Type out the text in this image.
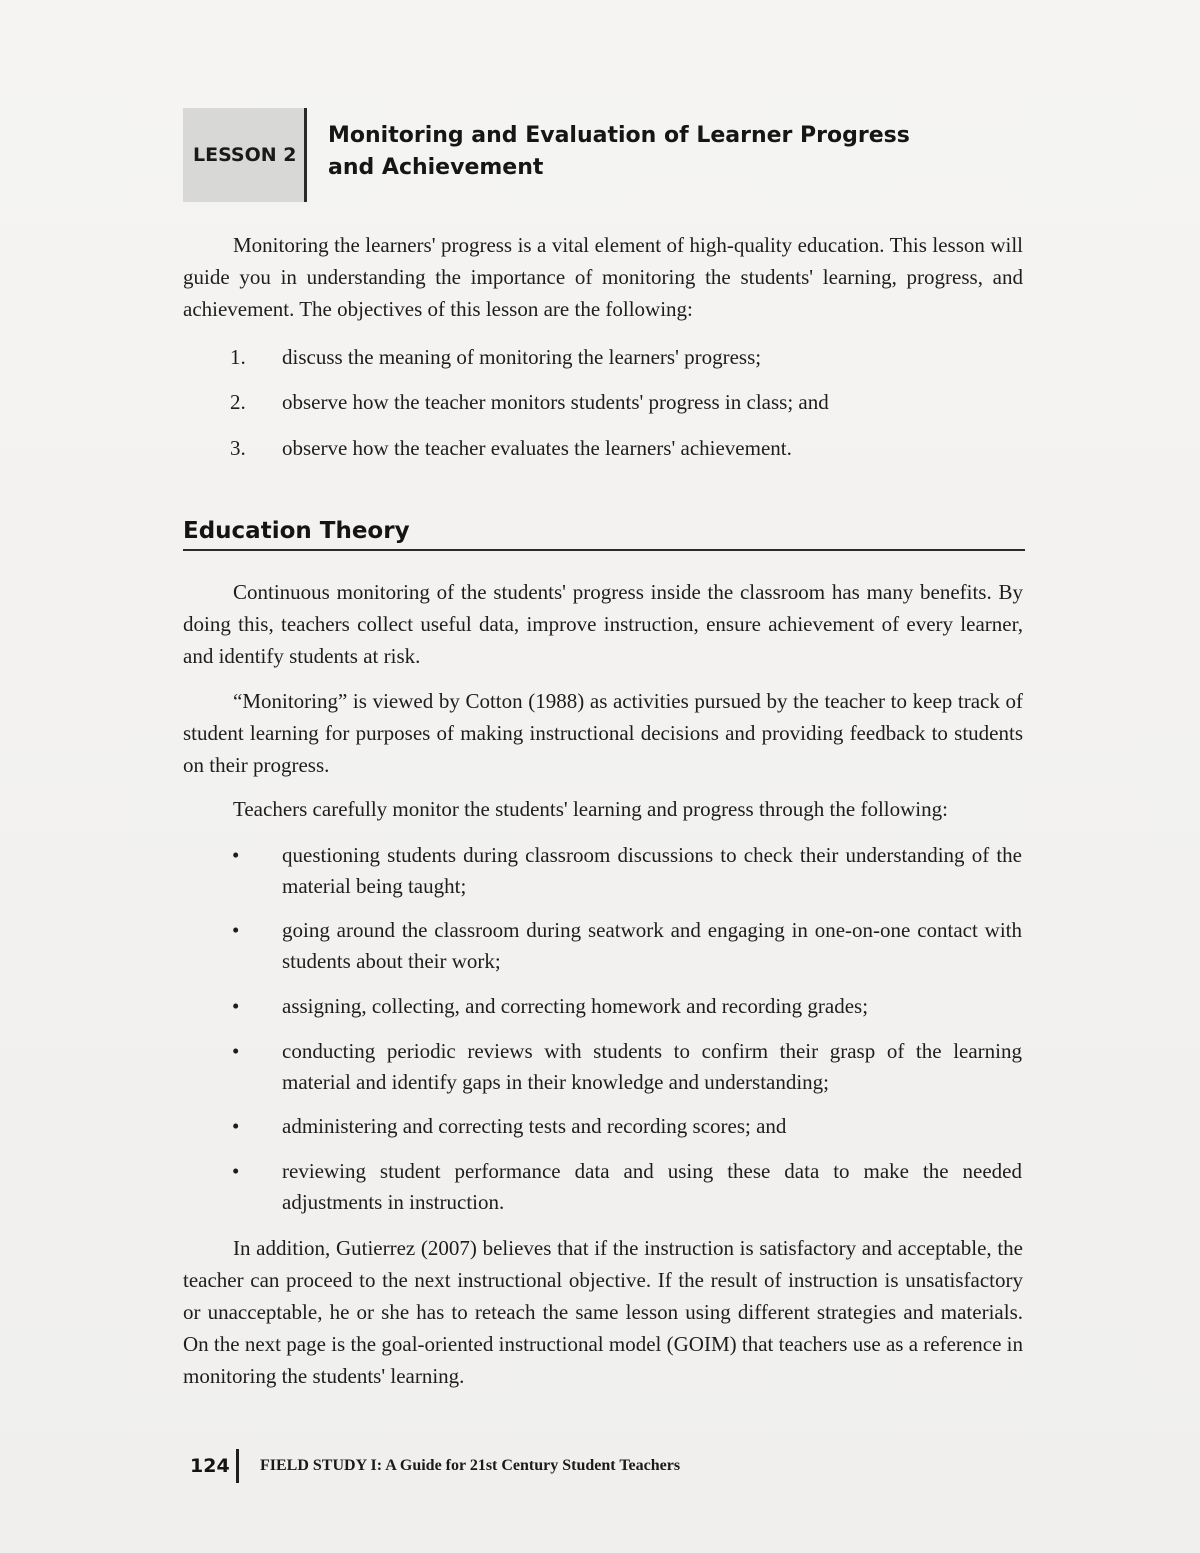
LESSON 2
Monitoring and Evaluation of Learner Progress and Achievement
Monitoring the learners' progress is a vital element of high-quality education. This lesson will guide you in understanding the importance of monitoring the students' learning, progress, and achievement. The objectives of this lesson are the following:
1.	discuss the meaning of monitoring the learners' progress;
2.	observe how the teacher monitors students' progress in class; and
3.	observe how the teacher evaluates the learners' achievement.
Education Theory
Continuous monitoring of the students' progress inside the classroom has many benefits. By doing this, teachers collect useful data, improve instruction, ensure achievement of every learner, and identify students at risk.
“Monitoring” is viewed by Cotton (1988) as activities pursued by the teacher to keep track of student learning for purposes of making instructional decisions and providing feedback to students on their progress.
Teachers carefully monitor the students' learning and progress through the following:
• questioning students during classroom discussions to check their understanding of the material being taught;
• going around the classroom during seatwork and engaging in one-on-one contact with students about their work;
• assigning, collecting, and correcting homework and recording grades;
• conducting periodic reviews with students to confirm their grasp of the learning material and identify gaps in their knowledge and understanding;
• administering and correcting tests and recording scores; and
• reviewing student performance data and using these data to make the needed adjustments in instruction.
In addition, Gutierrez (2007) believes that if the instruction is satisfactory and acceptable, the teacher can proceed to the next instructional objective. If the result of instruction is unsatisfactory or unacceptable, he or she has to reteach the same lesson using different strategies and materials. On the next page is the goal-oriented instructional model (GOIM) that teachers use as a reference in monitoring the students' learning.
124 FIELD STUDY I: A Guide for 21st Century Student Teachers
